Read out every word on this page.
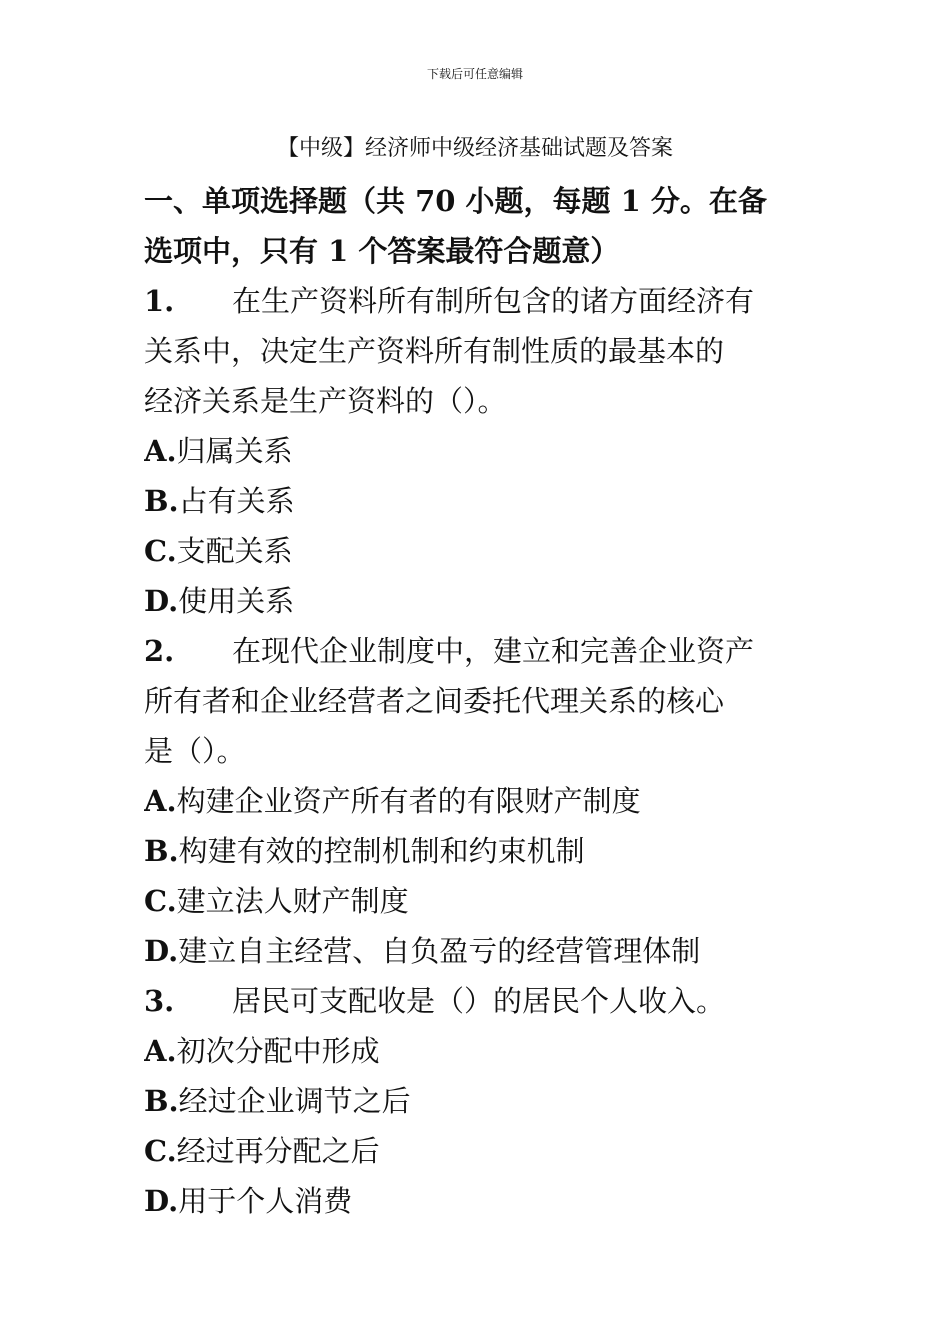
下载后可任意编辑
【中级】经济师中级经济基础试题及答案
一、单项选择题（共 70 小题，每题 1 分。在备
选项中，只有 1 个答案最符合题意）
1. 在生产资料所有制所包含的诸方面经济有
关系中，决定生产资料所有制性质的最基本的
经济关系是生产资料的（）。
A.归属关系
B.占有关系
C.支配关系
D.使用关系
2. 在现代企业制度中，建立和完善企业资产
所有者和企业经营者之间委托代理关系的核心
是（）。
A.构建企业资产所有者的有限财产制度
B.构建有效的控制机制和约束机制
C.建立法人财产制度
D.建立自主经营、自负盈亏的经营管理体制
3. 居民可支配收是（）的居民个人收入。
A.初次分配中形成
B.经过企业调节之后
C.经过再分配之后
D.用于个人消费
